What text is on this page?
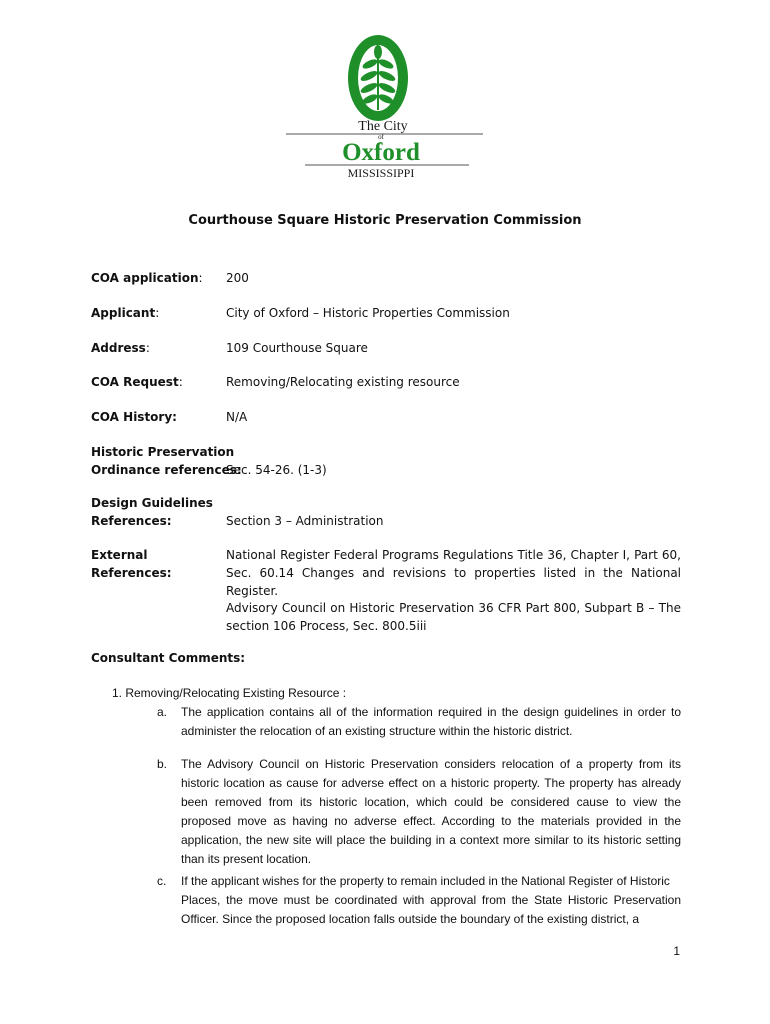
The City
of
Oxford
MISSISSIPPI
Courthouse Square Historic Preservation Commission
COA application:	200
Applicant:	City of Oxford – Historic Properties Commission
Address:	109 Courthouse Square
COA Request:	Removing/Relocating existing resource
COA History:	N/A
Historic Preservation
Ordinance references:
Sec. 54-26. (1-3)
Design Guidelines
References:	Section 3 – Administration
External References:
National Register Federal Programs Regulations Title 36, Chapter I, Part 60, Sec. 60.14 Changes and revisions to properties listed in the National Register.
Advisory Council on Historic Preservation 36 CFR Part 800, Subpart B – The section 106 Process, Sec. 800.5iii
Consultant Comments:
1. Removing/Relocating Existing Resource :
a.	The application contains all of the information required in the design guidelines in order to administer the relocation of an existing structure within the historic district.
b.	The Advisory Council on Historic Preservation considers relocation of a property from its historic location as cause for adverse effect on a historic property. The property has already been removed from its historic location, which could be considered cause to view the proposed move as having no adverse effect. According to the materials provided in the application, the new site will place the building in a context more similar to its historic setting than its present location.
c.	If the applicant wishes for the property to remain included in the National Register of Historic
Places, the move must be coordinated with approval from the State Historic Preservation Officer. Since the proposed location falls outside the boundary of the existing district, a
1
